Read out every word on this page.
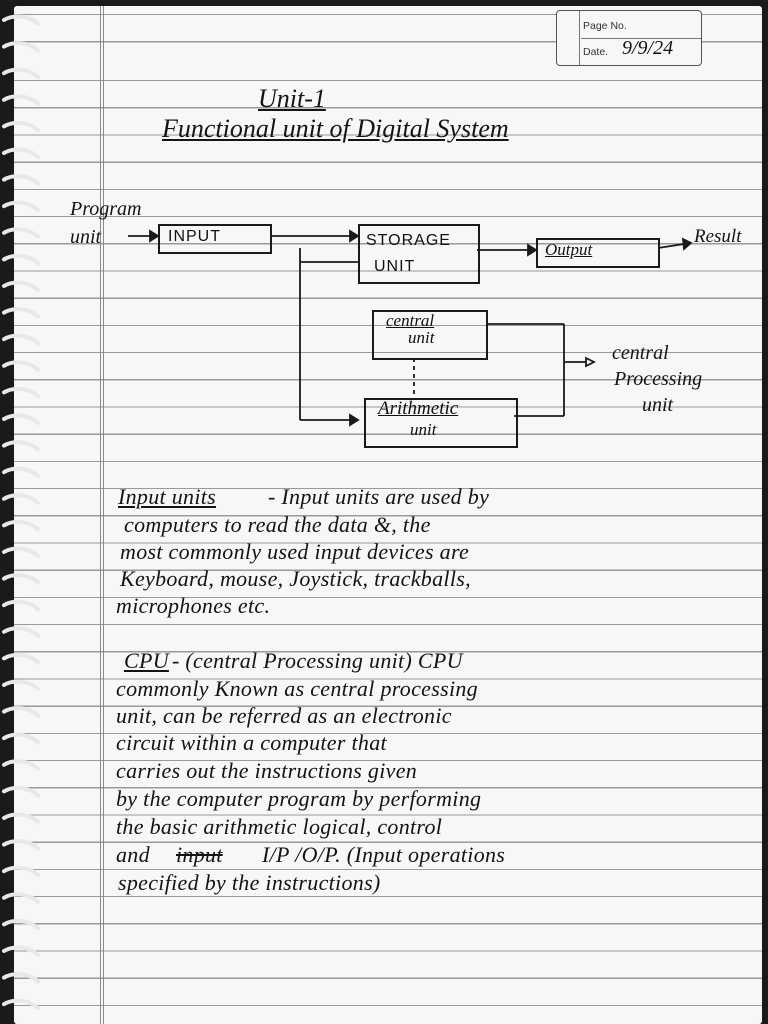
Page No.
Date. 9/9/24
Unit-1
Functional unit of Digital System
Program
unit	INPUT	STORAGE
UNIT
Output
Result
central
unit
Arithmetic
unit
central
Processing
unit
Input units - Input units are used by
computers to read the data &, the
most commonly used input devices are
Keyboard, mouse, Joystick, trackballs,
microphones etc.
CPU - (central Processing unit) CPU
commonly Known as central processing
unit, can be referred as an electronic
circuit within a computer that
carries out the instructions given
by the computer program by performing
the basic arithmetic logical, control
and input I/P /O/P. (Input operations
specified by the instructions)
